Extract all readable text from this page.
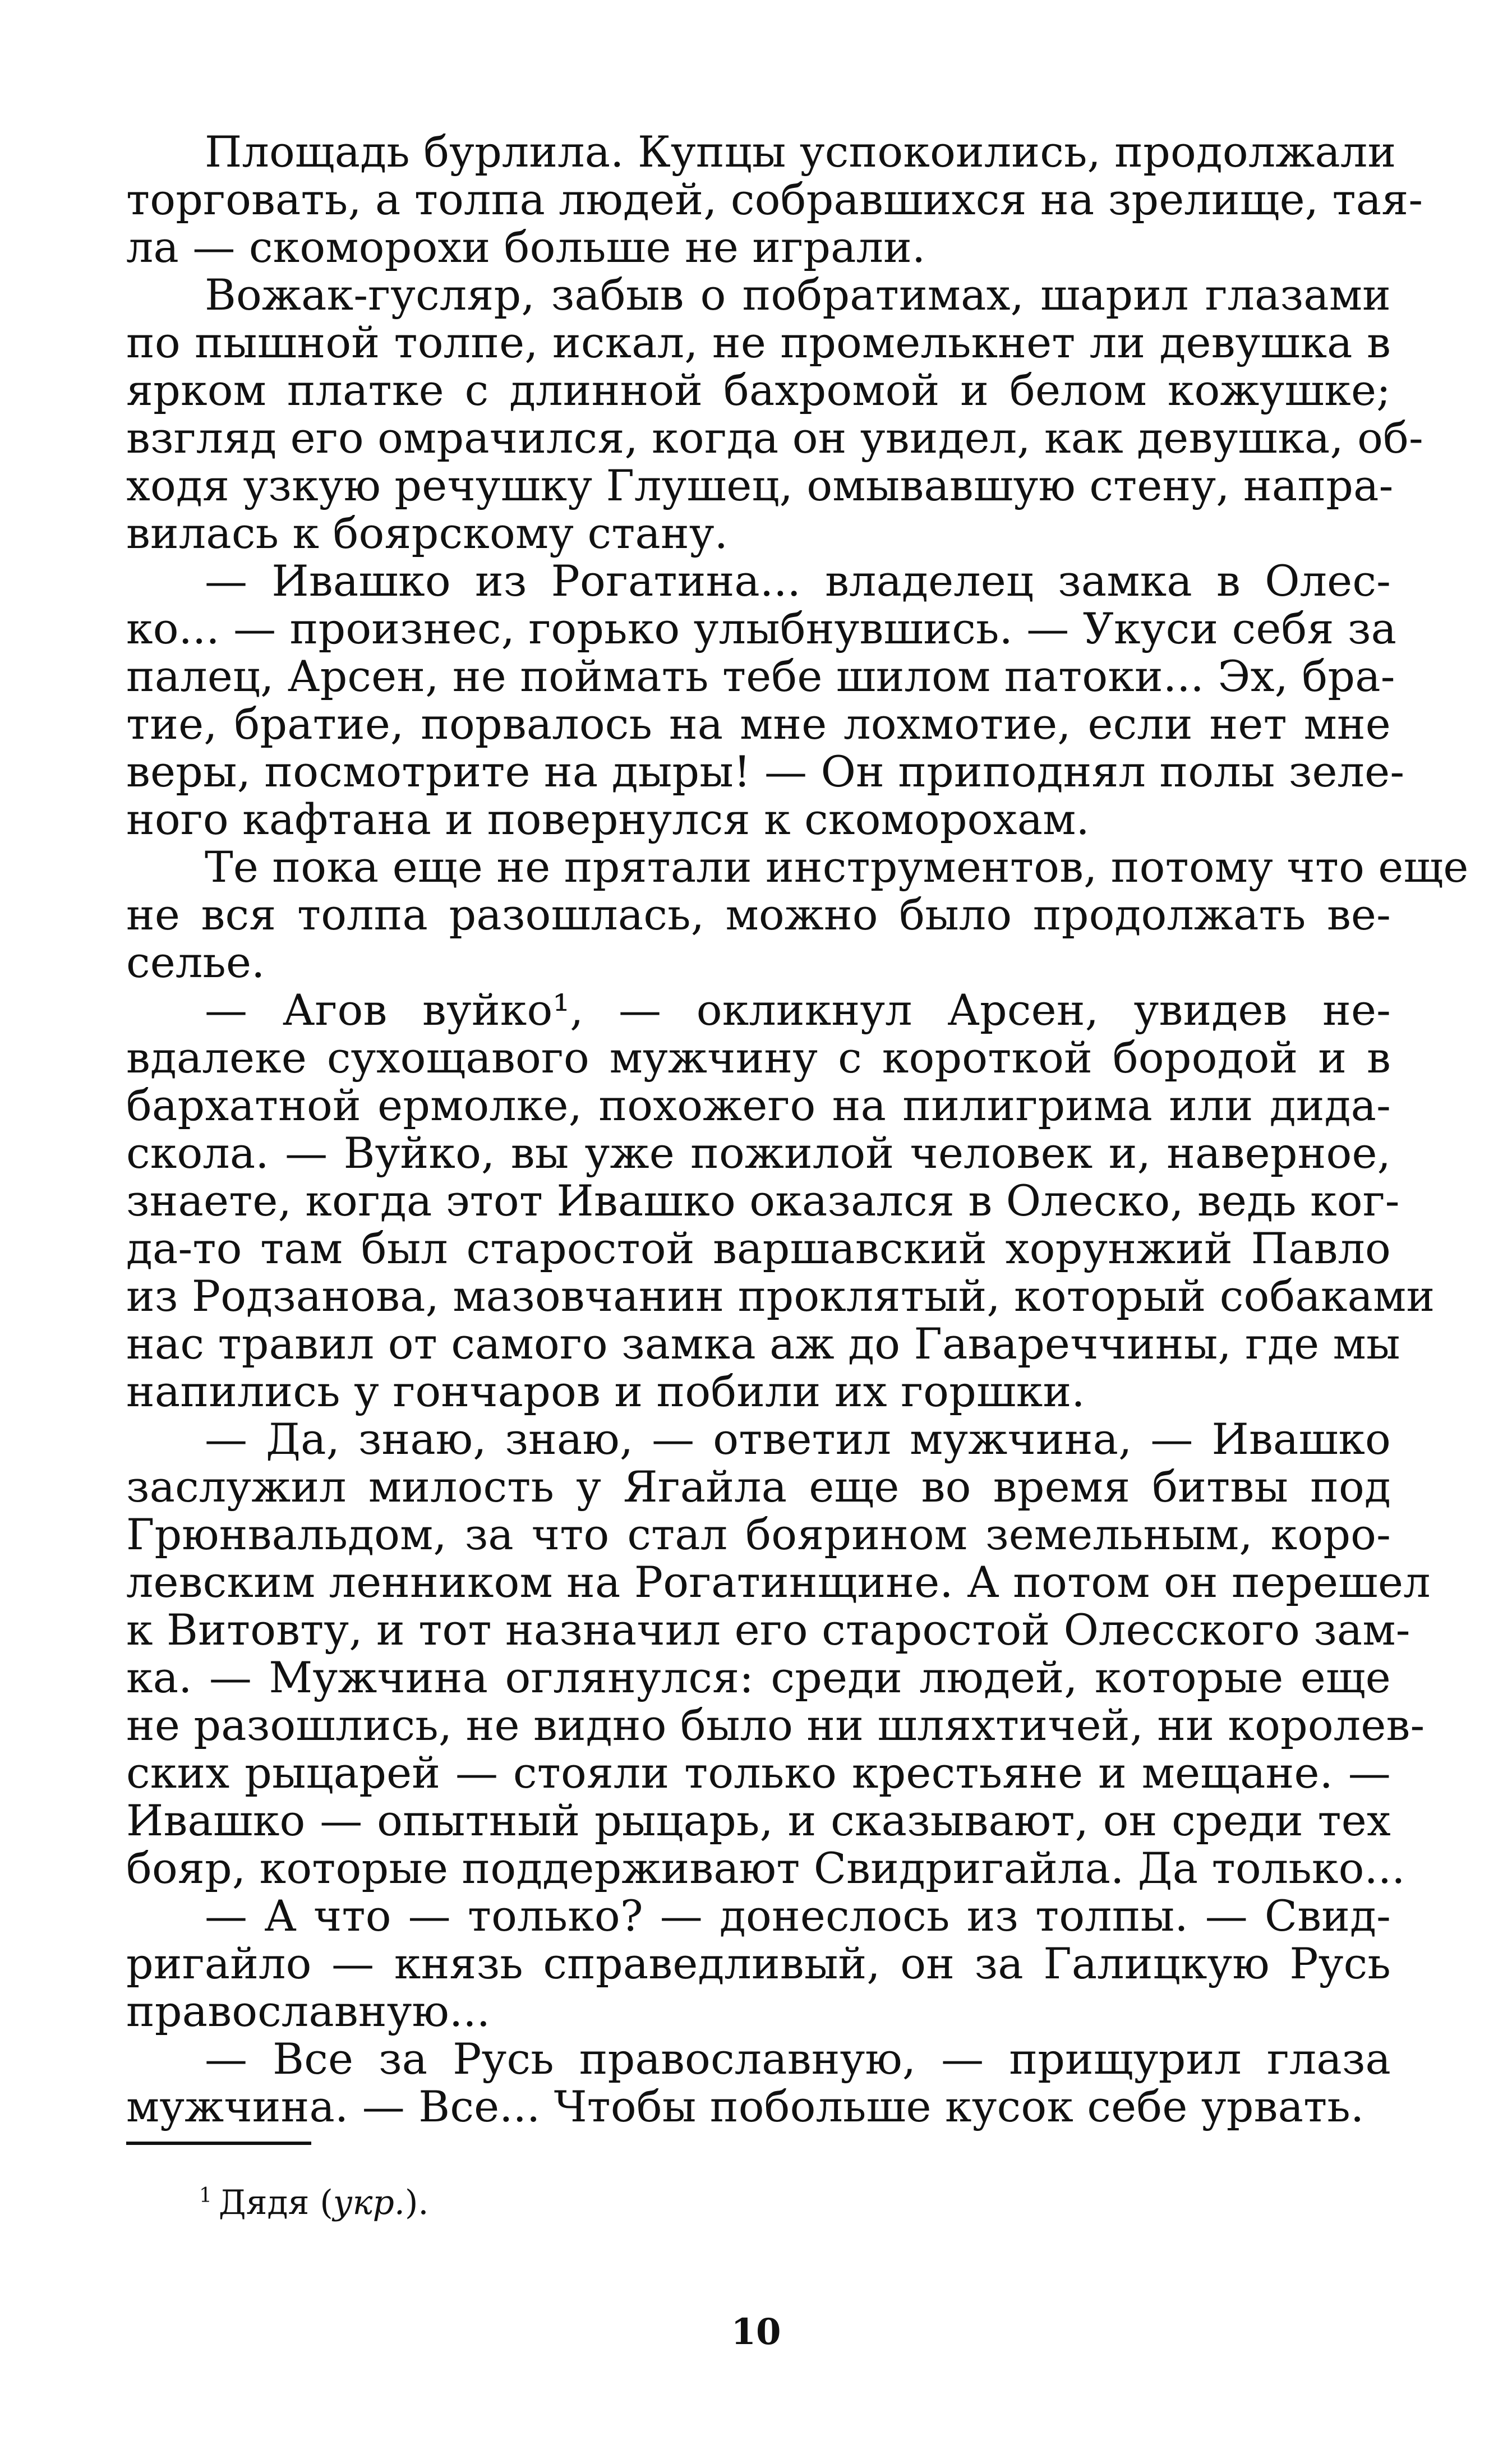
Площадь бурлила. Купцы успокоились, продолжали
торговать, а толпа людей, собравшихся на зрелище, тая-
ла — скоморохи больше не играли.

Вожак-гусляр, забыв о побратимах, шарил глазами
по пышной толпе, искал, не промелькнет ли девушка в
ярком платке с длинной бахромой и белом кожушке;
взгляд его омрачился, когда он увидел, как девушка, об-
ходя узкую речушку Глушец, омывавшую стену, напра-
вилась к боярскому стану.

— Ивашко из Рогатина... владелец замка в Олес-
ко... — произнес, горько улыбнувшись. — Укуси себя за
палец, Арсен, не поймать тебе шилом патоки... Эх, бра-
тие, братие, порвалось на мне лохмотие, если нет мне
веры, посмотрите на дыры! — Он приподнял полы зеле-
ного кафтана и повернулся к скоморохам.

Те пока еще не прятали инструментов, потому что еще
не вся толпа разошлась, можно было продолжать ве-
селье.

— Агов вуйко¹, — окликнул Арсен, увидев не-
вдалеке сухощавого мужчину с короткой бородой и в
бархатной ермолке, похожего на пилигрима или дида-
скола. — Вуйко, вы уже пожилой человек и, наверное,
знаете, когда этот Ивашко оказался в Олеско, ведь ког-
да-то там был старостой варшавский хорунжий Павло
из Родзанова, мазовчанин проклятый, который собаками
нас травил от самого замка аж до Гавареччины, где мы
напились у гончаров и побили их горшки.

— Да, знаю, знаю, — ответил мужчина, — Ивашко
заслужил милость у Ягайла еще во время битвы под
Грюнвальдом, за что стал боярином земельным, коро-
левским ленником на Рогатинщине. А потом он перешел
к Витовту, и тот назначил его старостой Олесского зам-
ка. — Мужчина оглянулся: среди людей, которые еще
не разошлись, не видно было ни шляхтичей, ни королев-
ских рыцарей — стояли только крестьяне и мещане. —
Ивашко — опытный рыцарь, и сказывают, он среди тех
бояр, которые поддерживают Свидригайла. Да только...

— А что — только? — донеслось из толпы. — Свид-
ригайло — князь справедливый, он за Галицкую Русь
православную...

— Все за Русь православную, — прищурил глаза
мужчина. — Все... Чтобы побольше кусок себе урвать.

$^1$ Дядя (укр.).
10
